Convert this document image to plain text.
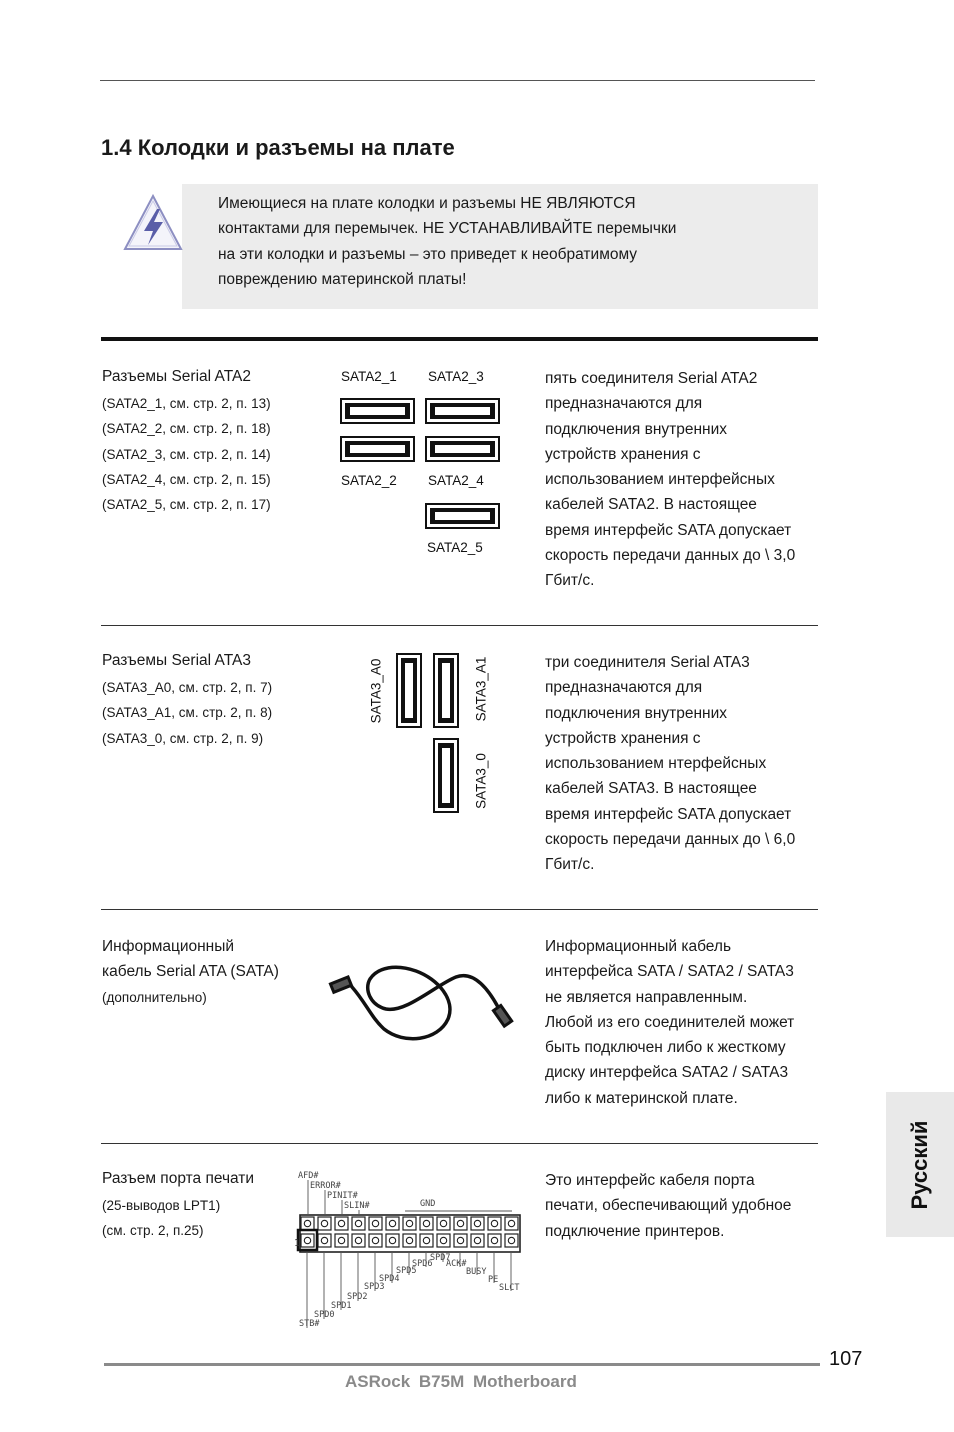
1.4 Колодки и разъемы на плате
Имеющиеся на плате колодки и разъемы НЕ ЯВЛЯЮТСЯ
контактами для перемычек. НЕ УСТАНАВЛИВАЙТЕ перемычки
на эти колодки и разъемы – это приведет к необратимому
повреждению материнской платы!
Разъемы Serial ATA2
(SATA2_1, см. стр. 2, п. 13)
(SATA2_2, см. стр. 2, п. 18)
(SATA2_3, см. стр. 2, п. 14)
(SATA2_4, см. стр. 2, п. 15)
(SATA2_5, см. стр. 2, п. 17)
SATA2_1 SATA2_3
SATA2_2 SATA2_4
SATA2_5
пять соединителя Serial ATA2
предназначаются для
подключения внутренних
устройств хранения с
использованием интерфейсных
кабелей SATA2. В настоящее
время интерфейс SATA допускает
скорость передачи данных до \ 3,0
Гбит/с.
Разъемы Serial ATA3
(SATA3_A0, см. стр. 2, п. 7)
(SATA3_A1, см. стр. 2, п. 8)
(SATA3_0, см. стр. 2, п. 9)
SATA3_A0	SATA3_A1
SATA3_0
три соединителя Serial ATA3
предназначаются для
подключения внутренних
устройств хранения с
использованием нтерфейсных
кабелей SATA3. В настоящее
время интерфейс SATA допускает
скорость передачи данных до \ 6,0
Гбит/с.
Информационный
кабель Serial ATA (SATA)
(дополнительно)
Информационный кабель
интерфейса SATA / SATA2 / SATA3
не является направленным.
Любой из его соединителей может
быть подключен либо к жесткому
диску интерфейса SATA2 / SATA3
либо к материнской плате.
Разъем порта печати
(25-выводов LPT1)
(см. стр. 2, п.25)
1
AFD#
ERROR#
PINIT#
SLIN#	GND
SPD7
SPD6 ACK#
SPD5	BUSY
SPD4	PE
SPD3	SLCT
SPD2
SPD1
SPD0
STB#
Это интерфейс кабеля порта
печати, обеспечивающий удобное
подключение принтеров.
Русский
107
ASRock B75M Motherboard
